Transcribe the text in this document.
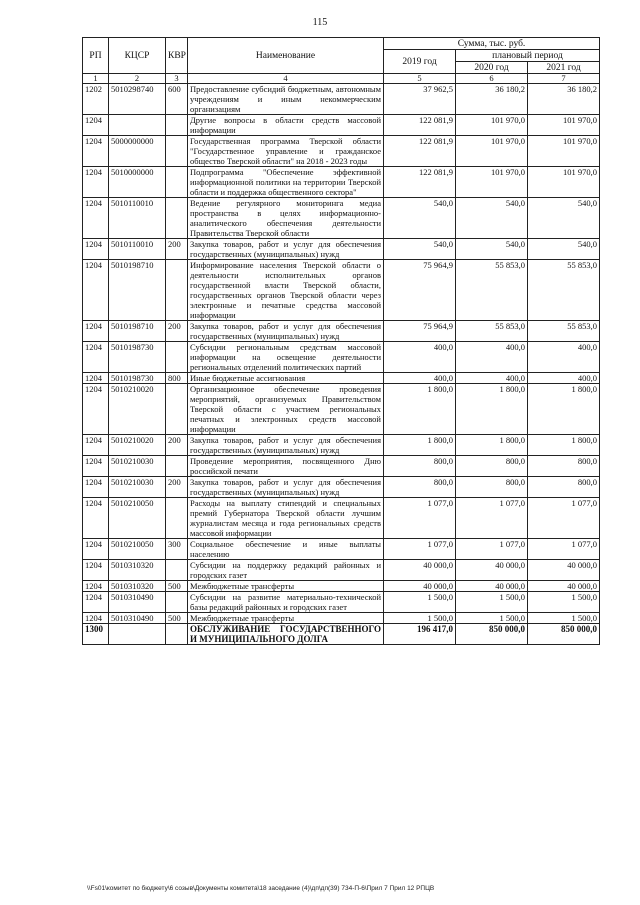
115
РП	КЦСР	КВР	Наименование	Сумма, тыс. руб.		
				2019 год	плановый период	
					2020 год	2021 год
1	2	3	4	5	6	7
1202	5010298740	600	Предоставление субсидий бюджетным, автономным учреждениям и иным некоммерческим организациям	37 962,5	36 180,2	36 180,2
1204			Другие вопросы в области средств массовой информации	122 081,9	101 970,0	101 970,0
1204	5000000000		Государственная программа Тверской области "Государственное управление и гражданское общество Тверской области" на 2018 - 2023 годы	122 081,9	101 970,0	101 970,0
1204	5010000000		Подпрограмма "Обеспечение эффективной информационной политики на территории Тверской области и поддержка общественного сектора"	122 081,9	101 970,0	101 970,0
1204	5010110010		Ведение регулярного мониторинга медиа пространства в целях информационно-аналитического обеспечения деятельности Правительства Тверской области	540,0	540,0	540,0
1204	5010110010	200	Закупка товаров, работ и услуг для обеспечения государственных (муниципальных) нужд	540,0	540,0	540,0
1204	5010198710		Информирование населения Тверской области о деятельности исполнительных органов государственной власти Тверской области, государственных органов Тверской области через электронные и печатные средства массовой информации	75 964,9	55 853,0	55 853,0
1204	5010198710	200	Закупка товаров, работ и услуг для обеспечения государственных (муниципальных) нужд	75 964,9	55 853,0	55 853,0
1204	5010198730		Субсидии региональным средствам массовой информации на освещение деятельности региональных отделений политических партий	400,0	400,0	400,0
1204	5010198730	800	Иные бюджетные ассигнования	400,0	400,0	400,0
1204	5010210020		Организационное обеспечение проведения мероприятий, организуемых Правительством Тверской области с участием региональных печатных и электронных средств массовой информации	1 800,0	1 800,0	1 800,0
1204	5010210020	200	Закупка товаров, работ и услуг для обеспечения государственных (муниципальных) нужд	1 800,0	1 800,0	1 800,0
1204	5010210030		Проведение мероприятия, посвященного Дню российской печати	800,0	800,0	800,0
1204	5010210030	200	Закупка товаров, работ и услуг для обеспечения государственных (муниципальных) нужд	800,0	800,0	800,0
1204	5010210050		Расходы на выплату стипендий и специальных премий Губернатора Тверской области лучшим журналистам месяца и года региональных средств массовой информации	1 077,0	1 077,0	1 077,0
1204	5010210050	300	Социальное обеспечение и иные выплаты населению	1 077,0	1 077,0	1 077,0
1204	5010310320		Субсидии на поддержку редакций районных и городских газет	40 000,0	40 000,0	40 000,0
1204	5010310320	500	Межбюджетные трансферты	40 000,0	40 000,0	40 000,0
1204	5010310490		Субсидии на развитие материально-технической базы редакций районных и городских газет	1 500,0	1 500,0	1 500,0
1204	5010310490	500	Межбюджетные трансферты	1 500,0	1 500,0	1 500,0
1300			ОБСЛУЖИВАНИЕ ГОСУДАРСТВЕННОГО И МУНИЦИПАЛЬНОГО ДОЛГА	196 417,0	850 000,0	850 000,0
\\Fs01\комитет по бюджету\6 созыв\Документы комитета\18 заседание (4)\дп\дп(39) 734-П-6\Прил 7 Прил 12 РПЦВ
